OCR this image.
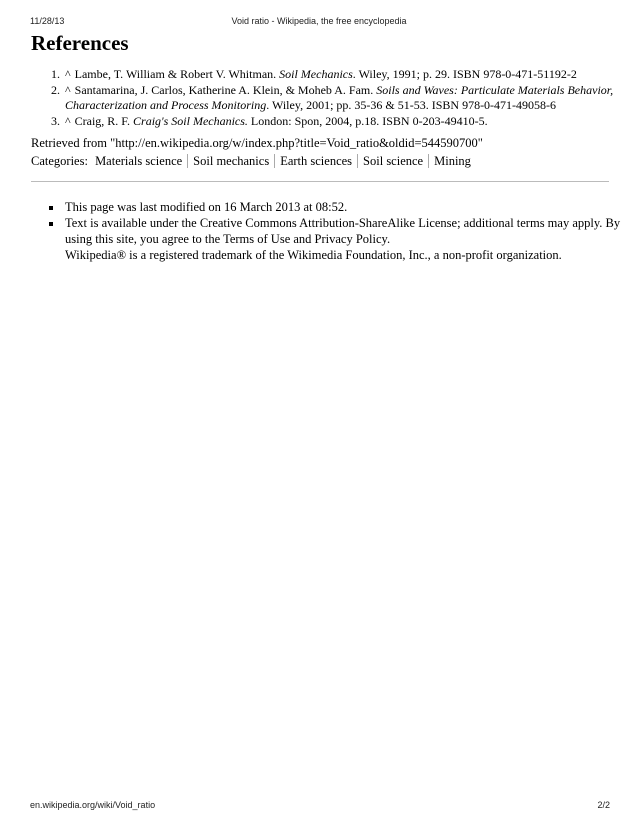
11/28/13	Void ratio - Wikipedia, the free encyclopedia
References
1. ^ Lambe, T. William & Robert V. Whitman. Soil Mechanics. Wiley, 1991; p. 29. ISBN 978-0-471-51192-2
2. ^ Santamarina, J. Carlos, Katherine A. Klein, & Moheb A. Fam. Soils and Waves: Particulate Materials Behavior, Characterization and Process Monitoring. Wiley, 2001; pp. 35-36 & 51-53. ISBN 978-0-471-49058-6
3. ^ Craig, R. F. Craig's Soil Mechanics. London: Spon, 2004, p.18. ISBN 0-203-49410-5.
Retrieved from "http://en.wikipedia.org/w/index.php?title=Void_ratio&oldid=544590700"
Categories: Materials science Soil mechanics Earth sciences Soil science Mining
▪ This page was last modified on 16 March 2013 at 08:52.
▪ Text is available under the Creative Commons Attribution-ShareAlike License; additional terms may apply. By using this site, you agree to the Terms of Use and Privacy Policy.
Wikipedia® is a registered trademark of the Wikimedia Foundation, Inc., a non-profit organization.
en.wikipedia.org/wiki/Void_ratio	2/2
